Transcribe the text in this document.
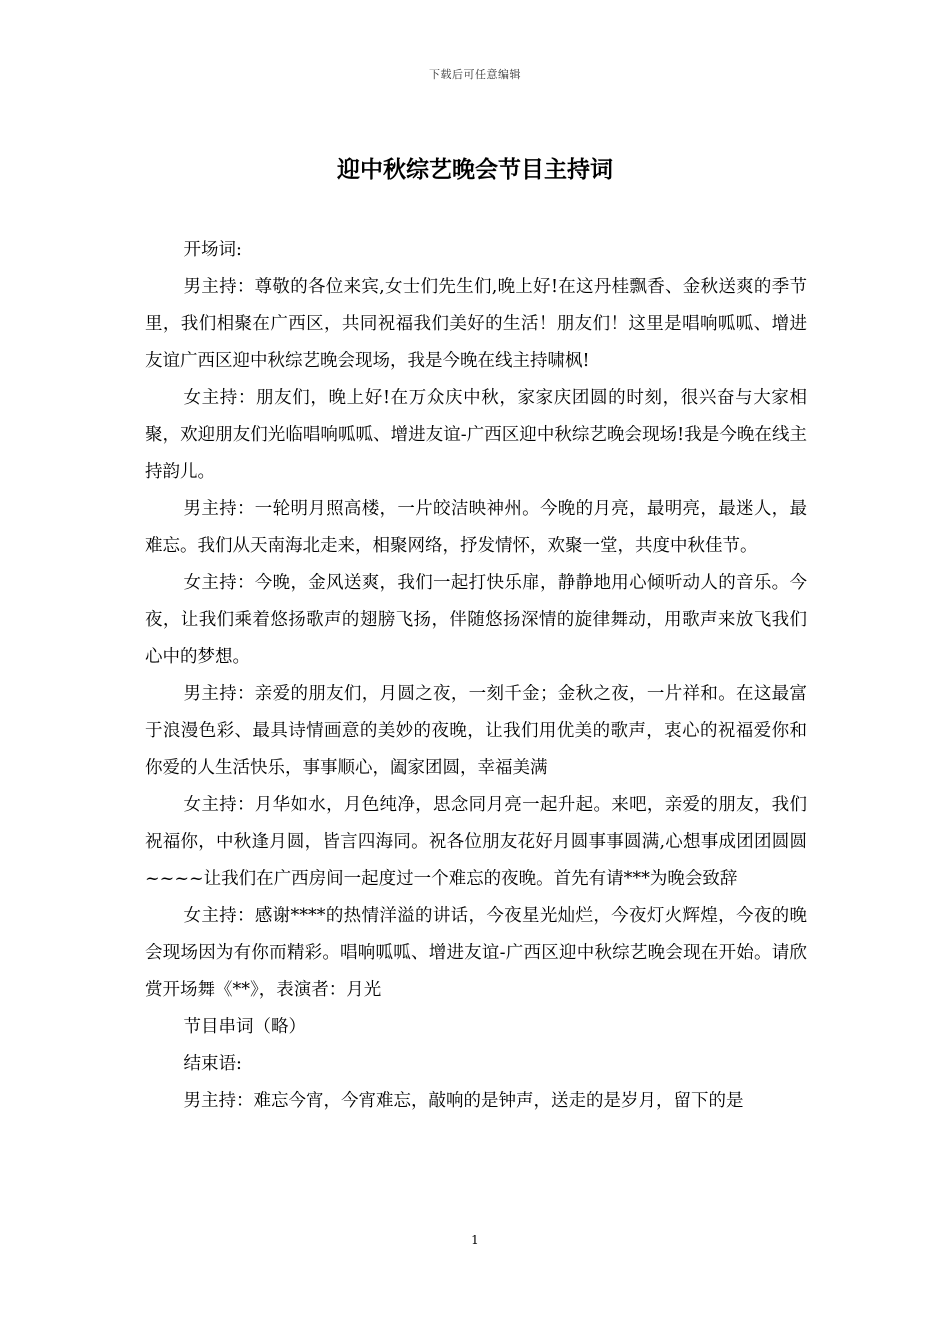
下载后可任意编辑
迎中秋综艺晚会节目主持词

开场词:

男主持：尊敬的各位来宾,女士们先生们,晚上好!在这丹桂飘香、金秋送爽的季节里，我们相聚在广西区，共同祝福我们美好的生活！朋友们！这里是唱响呱呱、增进友谊广西区迎中秋综艺晚会现场，我是今晚在线主持啸枫!

女主持：朋友们，晚上好!在万众庆中秋，家家庆团圆的时刻，很兴奋与大家相聚，欢迎朋友们光临唱响呱呱、增进友谊-广西区迎中秋综艺晚会现场!我是今晚在线主持韵儿。

男主持：一轮明月照高楼，一片皎洁映神州。今晚的月亮，最明亮，最迷人，最难忘。我们从天南海北走来，相聚网络，抒发情怀，欢聚一堂，共度中秋佳节。

女主持：今晚，金风送爽，我们一起打快乐扉，静静地用心倾听动人的音乐。今夜，让我们乘着悠扬歌声的翅膀飞扬，伴随悠扬深情的旋律舞动，用歌声来放飞我们心中的梦想。

男主持：亲爱的朋友们，月圆之夜，一刻千金；金秋之夜，一片祥和。在这最富于浪漫色彩、最具诗情画意的美妙的夜晚，让我们用优美的歌声，衷心的祝福爱你和你爱的人生活快乐，事事顺心，阖家团圆，幸福美满

女主持：月华如水，月色纯净，思念同月亮一起升起。来吧，亲爱的朋友，我们祝福你，中秋逢月圆，皆言四海同。祝各位朋友花好月圆事事圆满,心想事成团团圆圆~~~~让我们在广西房间一起度过一个难忘的夜晚。首先有请***为晚会致辞

女主持：感谢****的热情洋溢的讲话，今夜星光灿烂，今夜灯火辉煌，今夜的晚会现场因为有你而精彩。唱响呱呱、增进友谊-广西区迎中秋综艺晚会现在开始。请欣赏开场舞《**》，表演者：月光

节目串词（略）

结束语:

男主持：难忘今宵，今宵难忘，敲响的是钟声，送走的是岁月，留下的是

1
